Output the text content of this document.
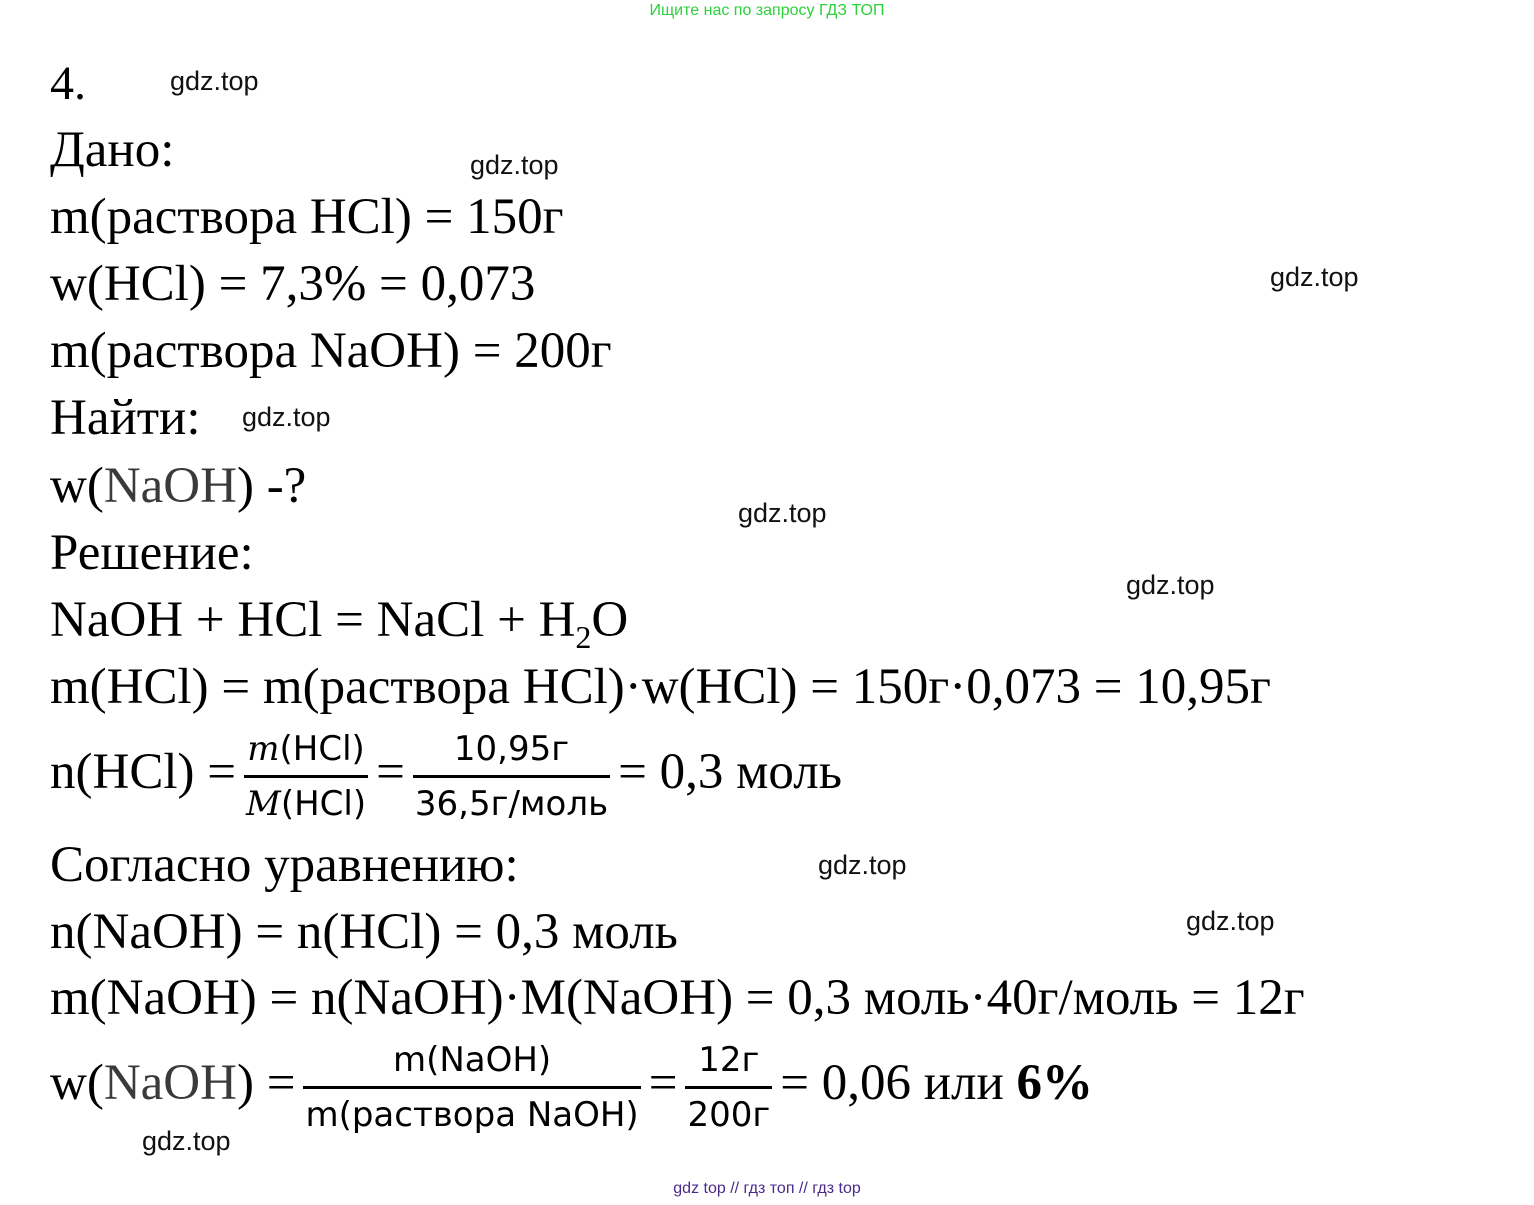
Ищите нас по запросу ГДЗ ТОП
4.
Дано:
m(раствора HCl) = 150г
w(HCl) = 7,3% = 0,073
m(раствора NaOH) = 200г
Найти:
w(NaOH) -?
Решение:
NaOH + HCl = NaCl + $H_2O$
m(HCl) = m(раствора HCl)·w(HCl) = 150г·0,073 = 10,95г
$n(HCl) = \frac{\text{m(HCl)}}{\text{M(HCl)}} = \frac{10,95г}{\text{36,5г/моль}} = 0,3$ моль
Согласно уравнению:
n(NaOH) = n(HCl) = 0,3 моль
m(NaOH) = n(NaOH)·M(NaOH) = 0,3 моль·40г/моль = 12г
w(NaOH) = $\frac{\text{m(NaOH)}}{\text{m(раствора NaOH)}} = \frac{12г}{200г} = 0,06$ или 6%
gdz.top
gdz.top
gdz.top
gdz.top
gdz.top
gdz.top
gdz.top
gdz.top
gdz.top
gdz top // гдз топ // гдз top
